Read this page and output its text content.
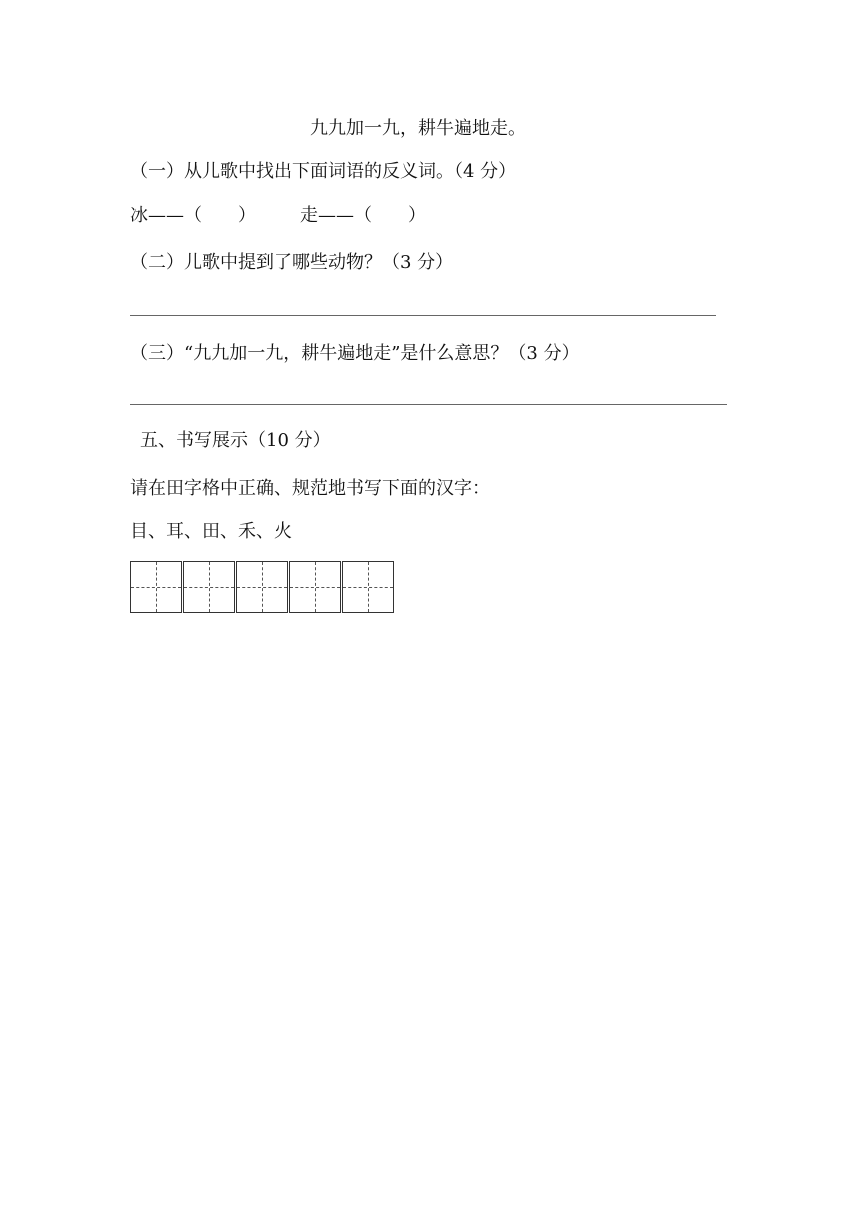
九九加一九，耕牛遍地走。
（一）从儿歌中找出下面词语的反义词。（4 分）
冰——（　　） 走——（　　）
（二）儿歌中提到了哪些动物？（3 分）
（三）“九九加一九，耕牛遍地走”是什么意思？（3 分）
五、书写展示（10 分）
请在田字格中正确、规范地书写下面的汉字：
目、耳、田、禾、火
